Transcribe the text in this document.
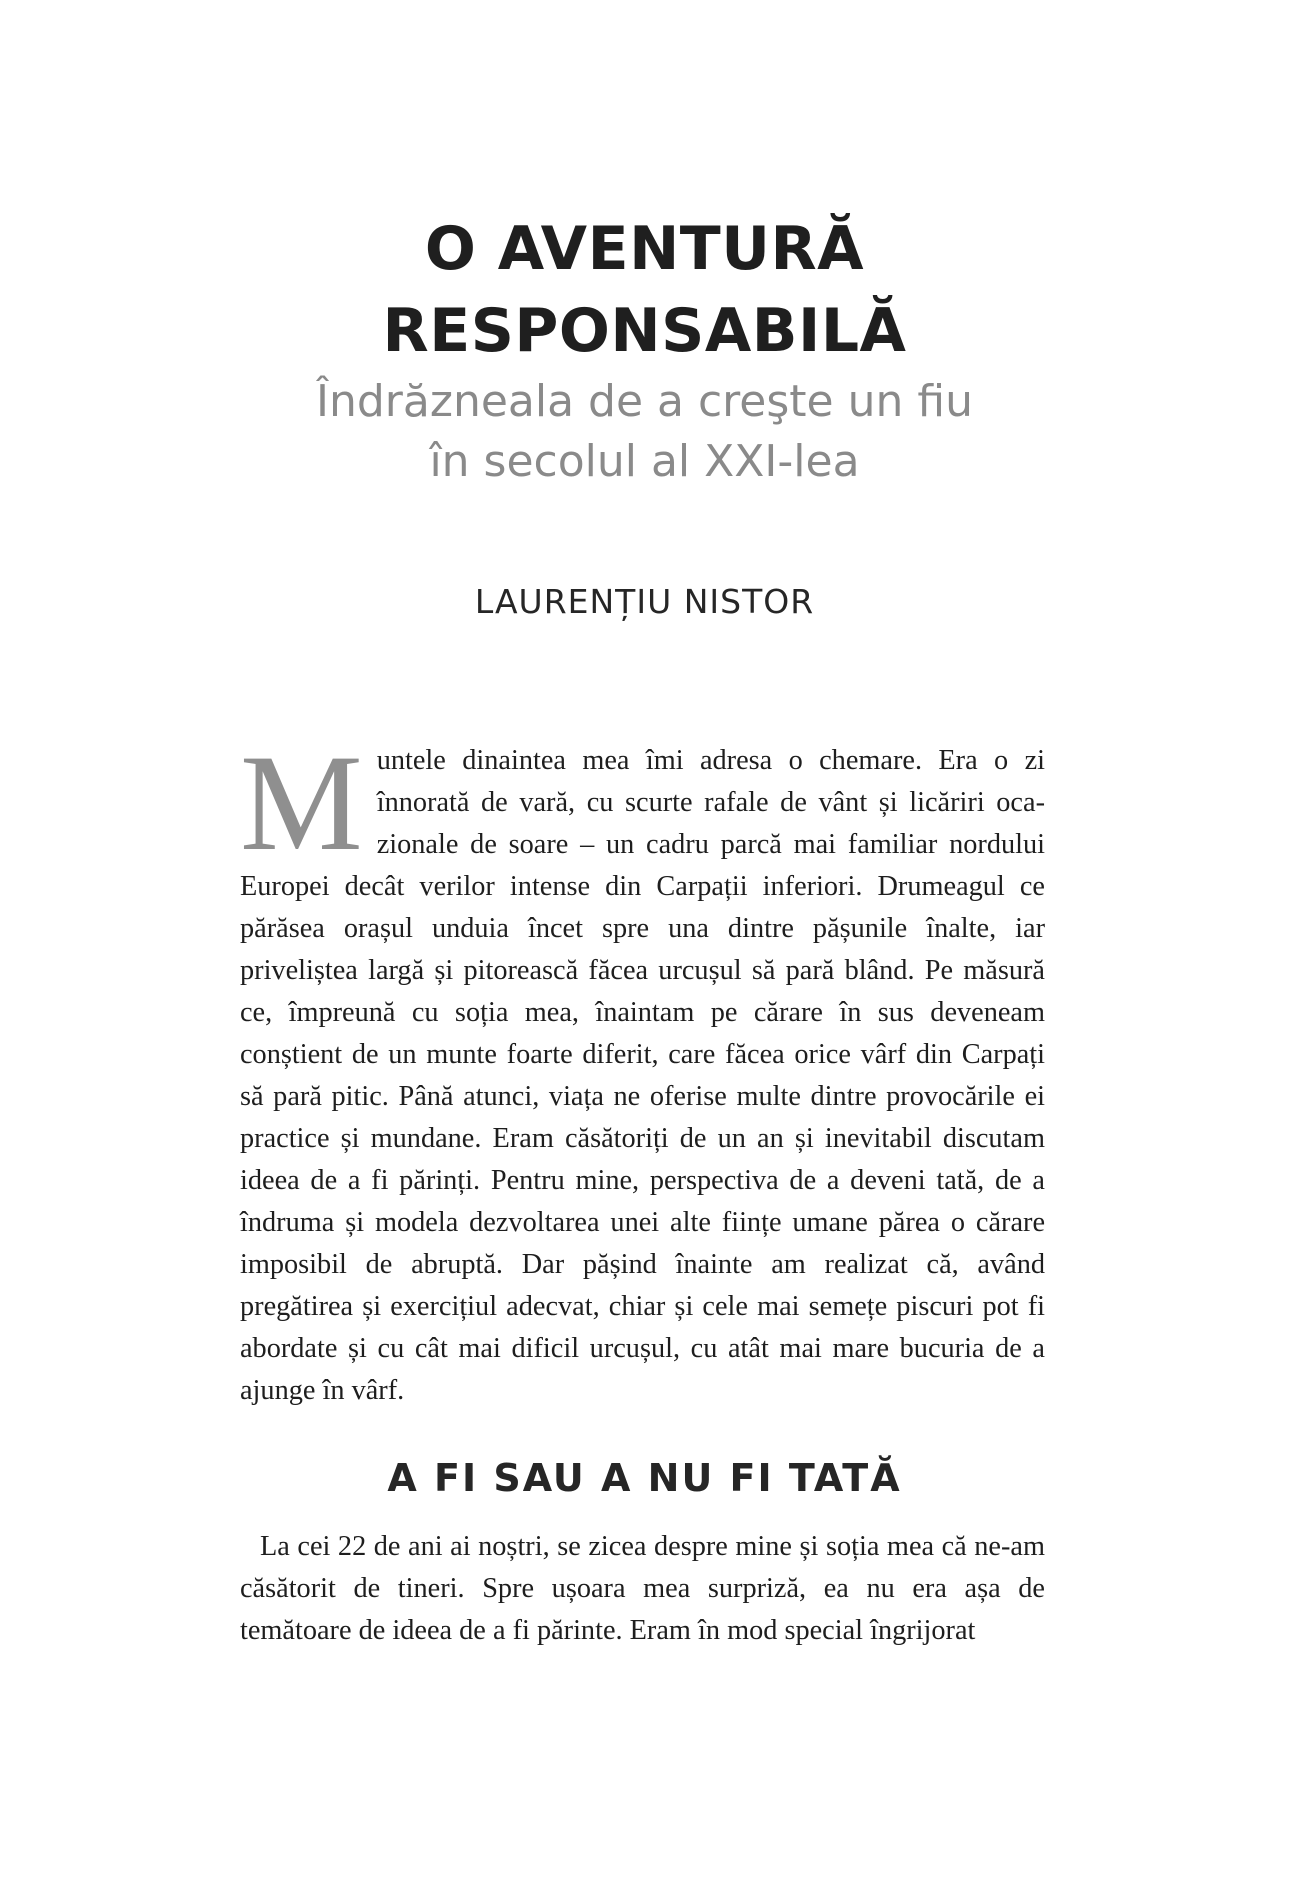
O AVENTURĂ
RESPONSABILĂ
Îndrăzneala de a creşte un fiu
în secolul al XXI-lea

LAURENȚIU NISTOR

Muntele dinaintea mea îmi adresa o chemare. Era o zi înnorată de vară, cu scurte rafale de vânt și licăriri ocazionale de soare – un cadru parcă mai familiar nordului Europei decât verilor intense din Carpații inferiori. Drumeagul ce părăsea orașul unduia încet spre una dintre pășunile înalte, iar priveliștea largă și pitorească făcea urcușul să pară blând. Pe măsură ce, împreună cu soția mea, înaintam pe cărare în sus deveneam conștient de un munte foarte diferit, care făcea orice vârf din Carpați să pară pitic. Până atunci, viața ne oferise multe dintre provocările ei practice și mundane. Eram căsătoriți de un an și inevitabil discutam ideea de a fi părinți. Pentru mine, perspectiva de a deveni tată, de a îndruma și modela dezvoltarea unei alte ființe umane părea o cărare imposibil de abruptă. Dar pășind înainte am realizat că, având pregătirea și exercițiul adecvat, chiar și cele mai semețe piscuri pot fi abordate și cu cât mai dificil urcușul, cu atât mai mare bucuria de a ajunge în vârf.

A FI SAU A NU FI TATĂ

La cei 22 de ani ai noștri, se zicea despre mine și soția mea că ne-am căsătorit de tineri. Spre ușoara mea surpriză, ea nu era așa de temătoare de ideea de a fi părinte. Eram în mod special îngrijorat
